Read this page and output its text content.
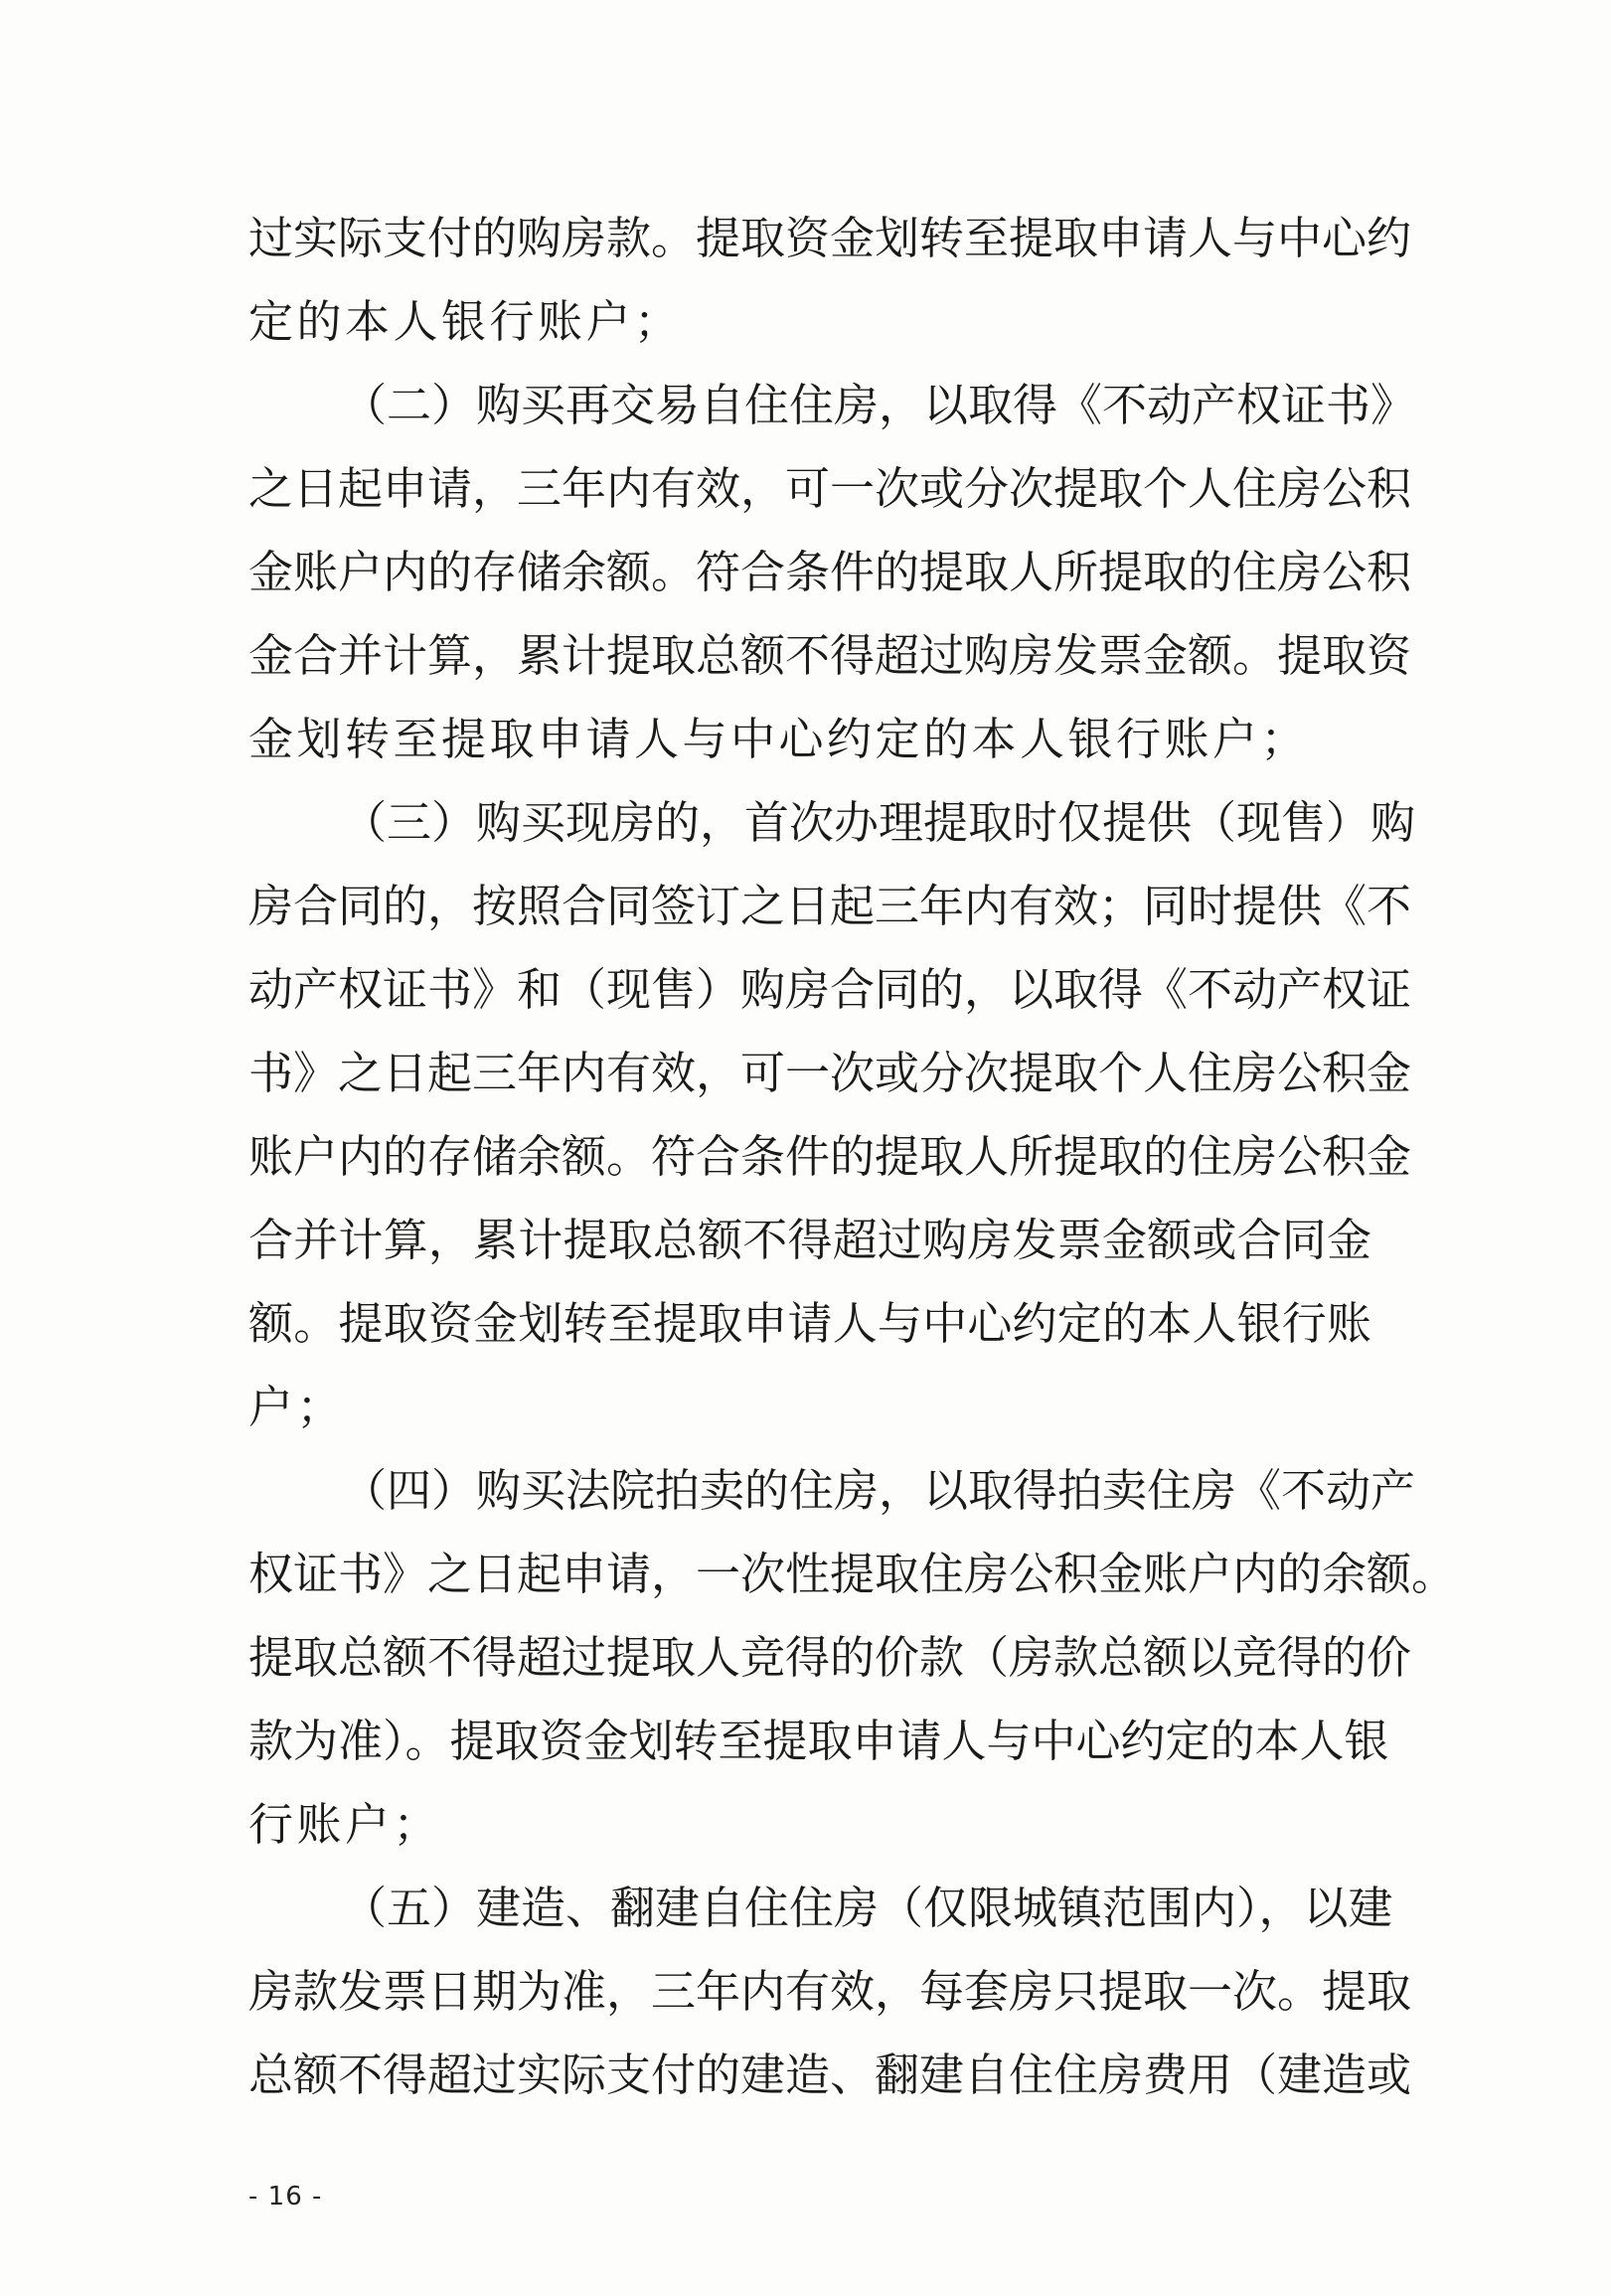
过实际支付的购房款。提取资金划转至提取申请人与中心约
定的本人银行账户；
（二）购买再交易自住住房，以取得《不动产权证书》
之日起申请，三年内有效，可一次或分次提取个人住房公积
金账户内的存储余额。符合条件的提取人所提取的住房公积
金合并计算，累计提取总额不得超过购房发票金额。提取资
金划转至提取申请人与中心约定的本人银行账户；
（三）购买现房的，首次办理提取时仅提供（现售）购
房合同的，按照合同签订之日起三年内有效；同时提供《不
动产权证书》和（现售）购房合同的，以取得《不动产权证
书》之日起三年内有效，可一次或分次提取个人住房公积金
账户内的存储余额。符合条件的提取人所提取的住房公积金
合并计算，累计提取总额不得超过购房发票金额或合同金
额。提取资金划转至提取申请人与中心约定的本人银行账
户；
（四）购买法院拍卖的住房，以取得拍卖住房《不动产
权证书》之日起申请，一次性提取住房公积金账户内的余额。
提取总额不得超过提取人竞得的价款（房款总额以竞得的价
款为准）。提取资金划转至提取申请人与中心约定的本人银
行账户；
（五）建造、翻建自住住房（仅限城镇范围内），以建
房款发票日期为准，三年内有效，每套房只提取一次。提取
总额不得超过实际支付的建造、翻建自住住房费用（建造或
- 16 -
